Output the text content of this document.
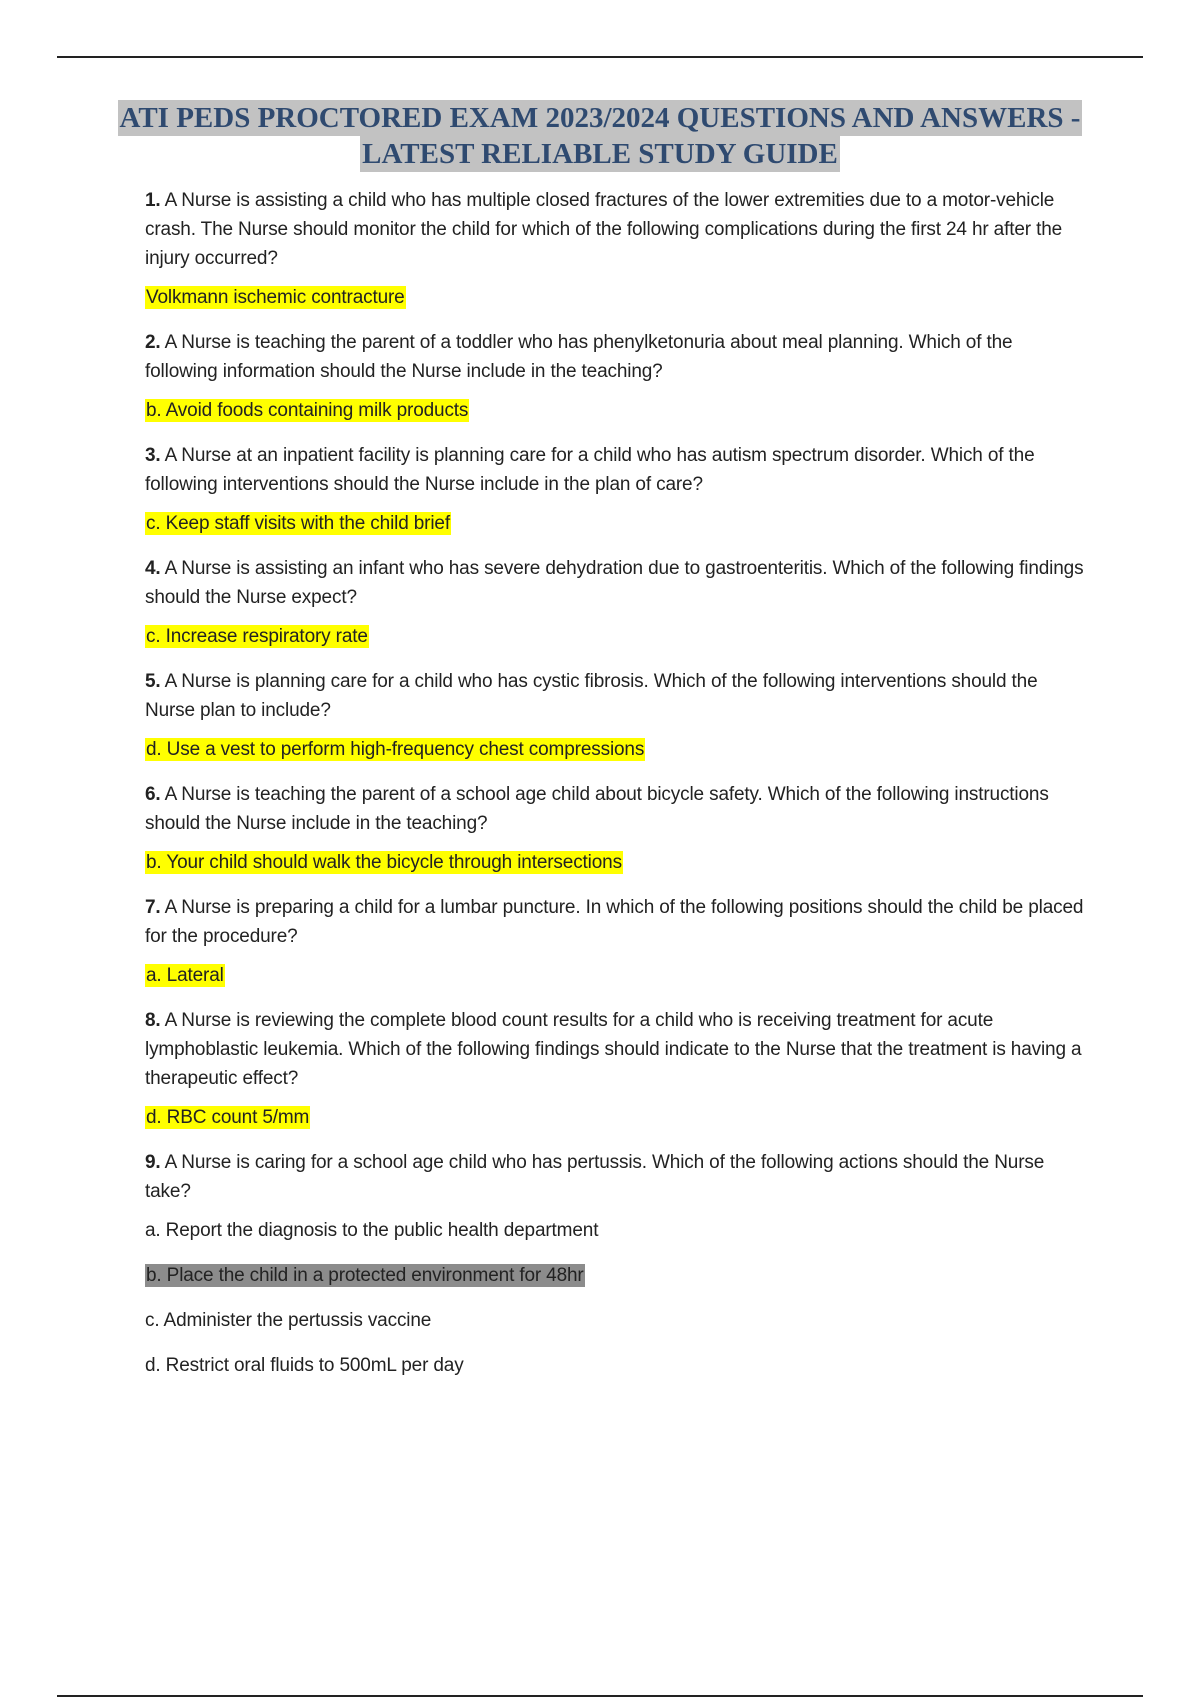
ATI PEDS PROCTORED EXAM 2023/2024 QUESTIONS AND ANSWERS -
LATEST RELIABLE STUDY GUIDE

1. A Nurse is assisting a child who has multiple closed fractures of the lower extremities due to a motor-vehicle crash. The Nurse should monitor the child for which of the following complications during the first 24 hr after the injury occurred?

Volkmann ischemic contracture

2. A Nurse is teaching the parent of a toddler who has phenylketonuria about meal planning. Which of the following information should the Nurse include in the teaching?

b. Avoid foods containing milk products

3. A Nurse at an inpatient facility is planning care for a child who has autism spectrum disorder. Which of the following interventions should the Nurse include in the plan of care?

c. Keep staff visits with the child brief

4. A Nurse is assisting an infant who has severe dehydration due to gastroenteritis. Which of the following findings should the Nurse expect?

c. Increase respiratory rate

5. A Nurse is planning care for a child who has cystic fibrosis. Which of the following interventions should the Nurse plan to include?

d. Use a vest to perform high-frequency chest compressions

6. A Nurse is teaching the parent of a school age child about bicycle safety. Which of the following instructions should the Nurse include in the teaching?

b. Your child should walk the bicycle through intersections

7. A Nurse is preparing a child for a lumbar puncture. In which of the following positions should the child be placed for the procedure?

a. Lateral

8. A Nurse is reviewing the complete blood count results for a child who is receiving treatment for acute lymphoblastic leukemia. Which of the following findings should indicate to the Nurse that the treatment is having a therapeutic effect?

d. RBC count 5/mm

9. A Nurse is caring for a school age child who has pertussis. Which of the following actions should the Nurse take?

a. Report the diagnosis to the public health department

b. Place the child in a protected environment for 48hr

c. Administer the pertussis vaccine

d. Restrict oral fluids to 500mL per day
